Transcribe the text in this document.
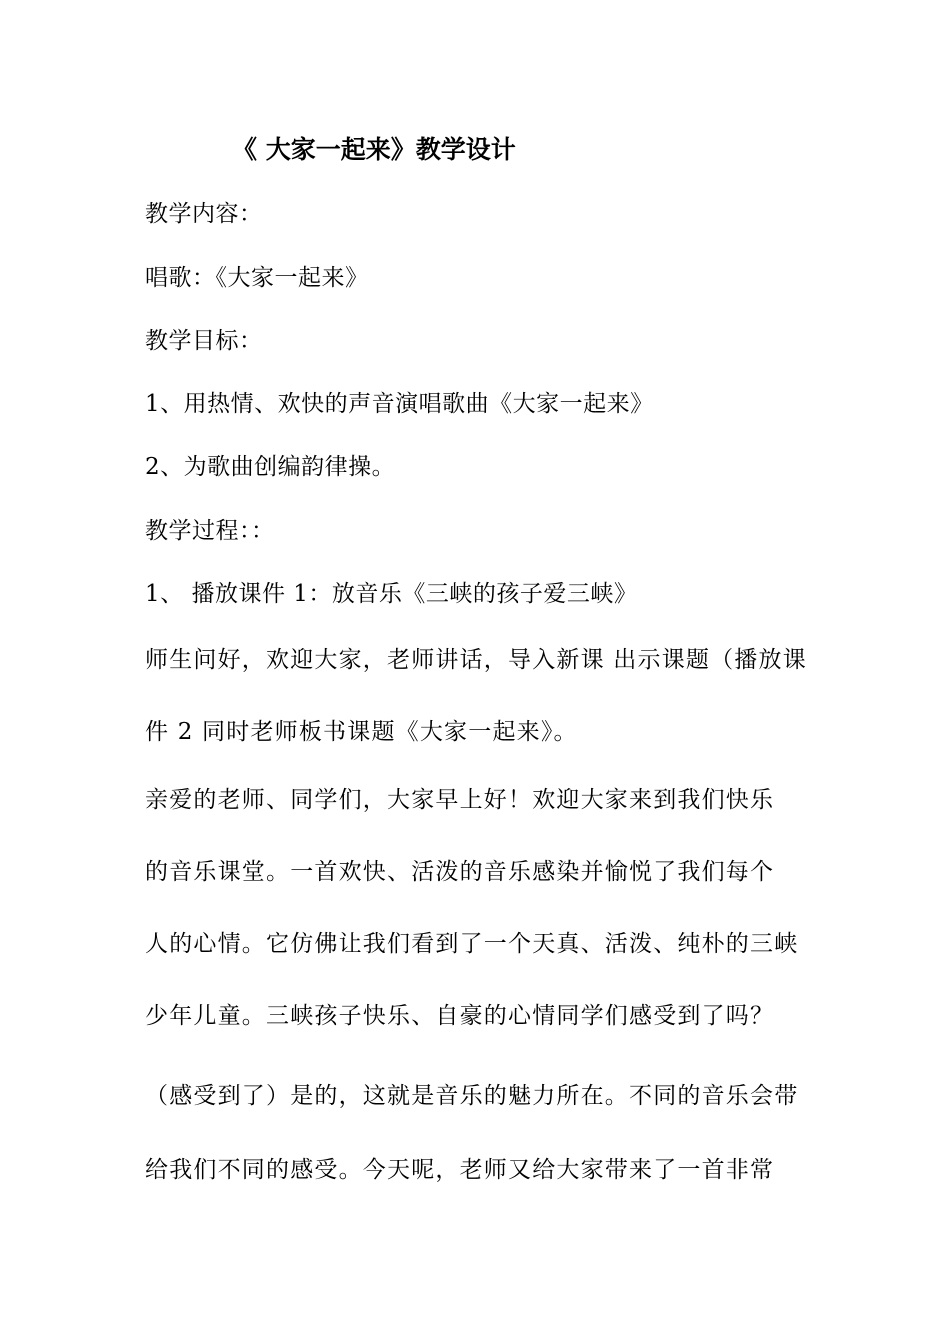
《 大家一起来》教学设计
教学内容：
唱歌：《大家一起来》
教学目标：
1、用热情、欢快的声音演唱歌曲《大家一起来》
2、为歌曲创编韵律操。
教学过程：：
1、 播放课件 1：放音乐《三峡的孩子爱三峡》
师生问好，欢迎大家，老师讲话，导入新课 出示课题（播放课
件 2 同时老师板书课题《大家一起来》。
亲爱的老师、同学们，大家早上好！欢迎大家来到我们快乐
的音乐课堂。一首欢快、活泼的音乐感染并愉悦了我们每个
人的心情。它仿佛让我们看到了一个天真、活泼、纯朴的三峡
少年儿童。三峡孩子快乐、自豪的心情同学们感受到了吗？
（感受到了）是的，这就是音乐的魅力所在。不同的音乐会带
给我们不同的感受。今天呢，老师又给大家带来了一首非常
